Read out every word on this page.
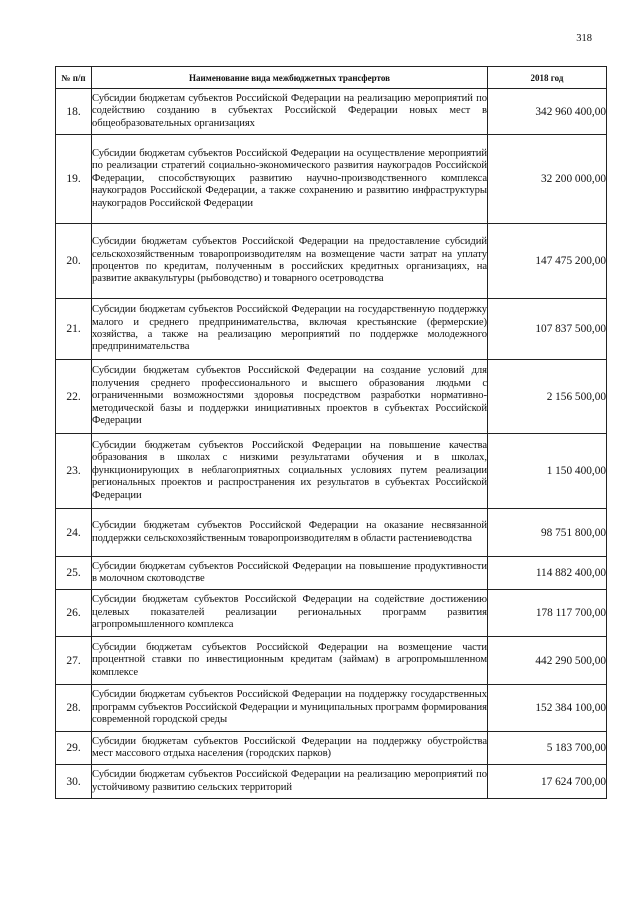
318
№ п/п	Наименование вида межбюджетных трансфертов	2018 год
18.	Субсидии бюджетам субъектов Российской Федерации на реализацию мероприятий по содействию созданию в субъектах Российской Федерации новых мест в общеобразовательных организациях	342 960 400,00
19.	Субсидии бюджетам субъектов Российской Федерации на осуществление мероприятий по реализации стратегий социально-экономического развития наукоградов Российской Федерации, способствующих развитию научно-производственного комплекса наукоградов Российской Федерации, а также сохранению и развитию инфраструктуры наукоградов Российской Федерации	32 200 000,00
20.	Субсидии бюджетам субъектов Российской Федерации на предоставление субсидий сельскохозяйственным товаропроизводителям на возмещение части затрат на уплату процентов по кредитам, полученным в российских кредитных организациях, на развитие аквакультуры (рыбоводство) и товарного осетроводства	147 475 200,00
21.	Субсидии бюджетам субъектов Российской Федерации на государственную поддержку малого и среднего предпринимательства, включая крестьянские (фермерские) хозяйства, а также на реализацию мероприятий по поддержке молодежного предпринимательства	107 837 500,00
22.	Субсидии бюджетам субъектов Российской Федерации на создание условий для получения среднего профессионального и высшего образования людьми с ограниченными возможностями здоровья посредством разработки нормативно-методической базы и поддержки инициативных проектов в субъектах Российской Федерации	2 156 500,00
23.	Субсидии бюджетам субъектов Российской Федерации на повышение качества образования в школах с низкими результатами обучения и в школах, функционирующих в неблагоприятных социальных условиях путем реализации региональных проектов и распространения их результатов в субъектах Российской Федерации	1 150 400,00
24.	Субсидии бюджетам субъектов Российской Федерации на оказание несвязанной поддержки сельскохозяйственным товаропроизводителям в области растениеводства	98 751 800,00
25.	Субсидии бюджетам субъектов Российской Федерации на повышение продуктивности в молочном скотоводстве	114 882 400,00
26.	Субсидии бюджетам субъектов Российской Федерации на содействие достижению целевых показателей реализации региональных программ развития агропромышленного комплекса	178 117 700,00
27.	Субсидии бюджетам субъектов Российской Федерации на возмещение части процентной ставки по инвестиционным кредитам (займам) в агропромышленном комплексе	442 290 500,00
28.	Субсидии бюджетам субъектов Российской Федерации на поддержку государственных программ субъектов Российской Федерации и муниципальных программ формирования современной городской среды	152 384 100,00
29.	Субсидии бюджетам субъектов Российской Федерации на поддержку обустройства мест массового отдыха населения (городских парков)	5 183 700,00
30.	Субсидии бюджетам субъектов Российской Федерации на реализацию мероприятий по устойчивому развитию сельских территорий	17 624 700,00
